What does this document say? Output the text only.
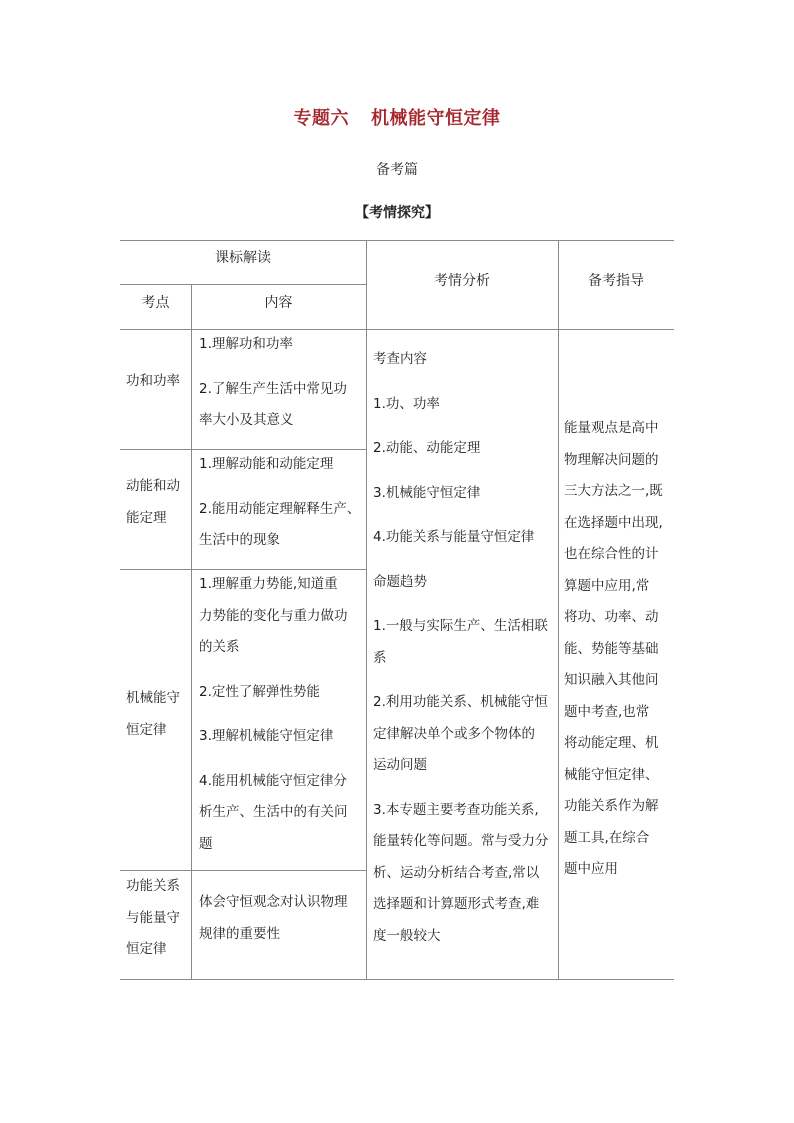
专题六 机械能守恒定律
备考篇
【考情探究】
课标解读
考点	内容
考情分析	备考指导
功和功率
1.理解功和功率
2.了解生产生活中常见功
率大小及其意义
动能和动
能定理
1.理解动能和动能定理
2.能用动能定理解释生产、
生活中的现象
机械能守
恒定律
1.理解重力势能,知道重
力势能的变化与重力做功
的关系
2.定性了解弹性势能
3.理解机械能守恒定律
4.能用机械能守恒定律分
析生产、生活中的有关问
题
功能关系
与能量守
恒定律
体会守恒观念对认识物理
规律的重要性
考查内容
1.功、功率
2.动能、动能定理
3.机械能守恒定律
4.功能关系与能量守恒定律
命题趋势
1.一般与实际生产、生活相联
系
2.利用功能关系、机械能守恒
定律解决单个或多个物体的
运动问题
3.本专题主要考查功能关系,
能量转化等问题。常与受力分
析、运动分析结合考查,常以
选择题和计算题形式考查,难
度一般较大
能量观点是高中
物理解决问题的
三大方法之一,既
在选择题中出现,
也在综合性的计
算题中应用,常
将功、功率、动
能、势能等基础
知识融入其他问
题中考查,也常
将动能定理、机
械能守恒定律、
功能关系作为解
题工具,在综合
题中应用
